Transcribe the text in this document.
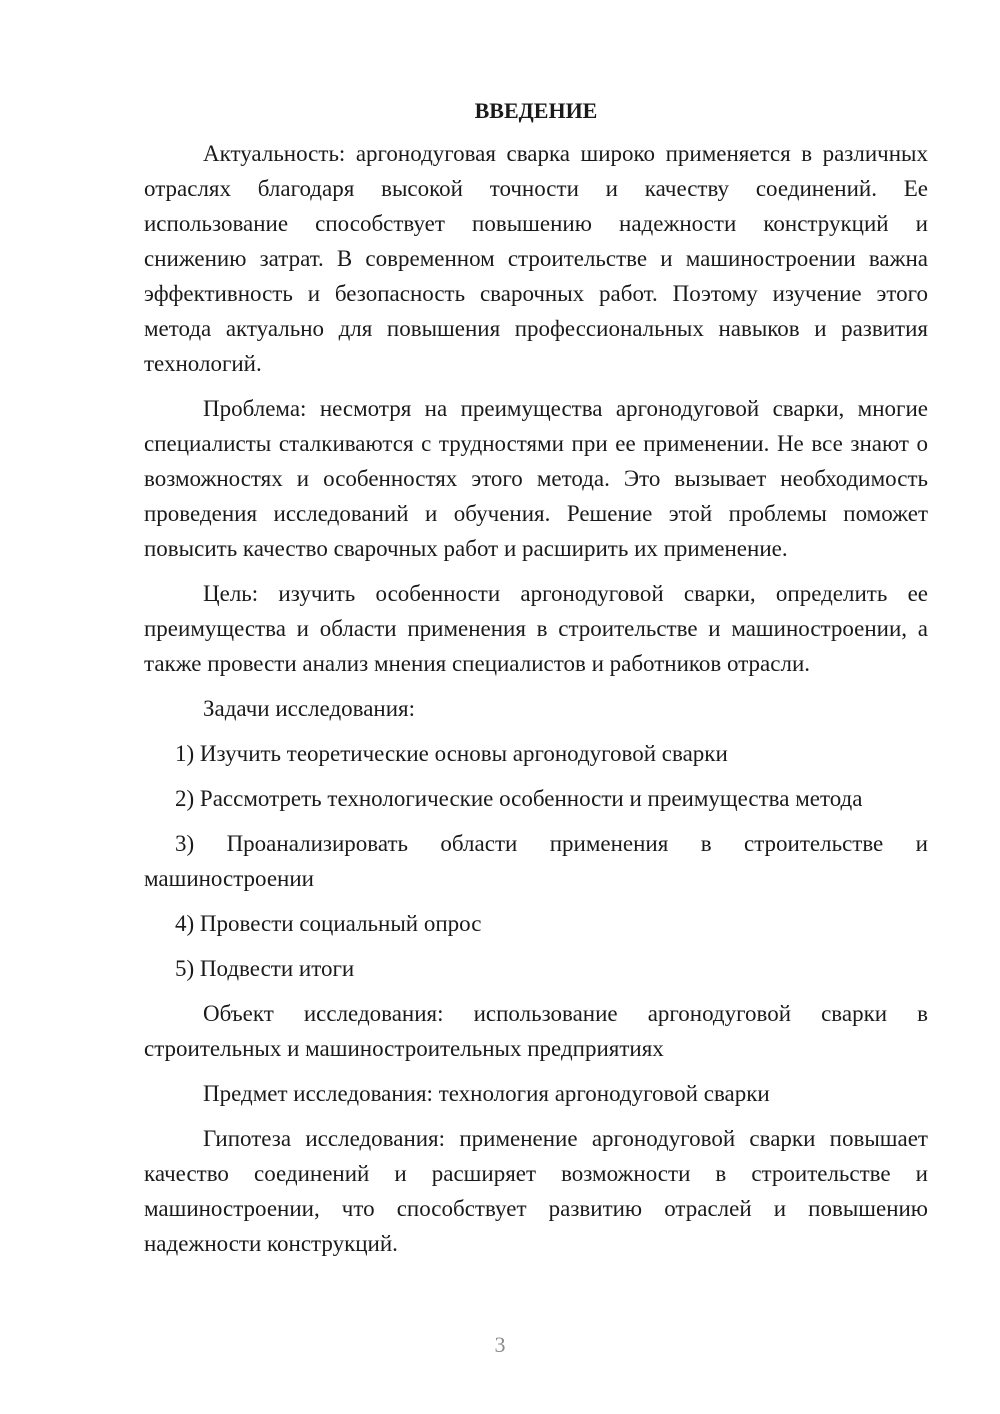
ВВЕДЕНИЕ

Актуальность: аргонодуговая сварка широко применяется в различных отраслях благодаря высокой точности и качеству соединений. Ее использование способствует повышению надежности конструкций и снижению затрат. В современном строительстве и машиностроении важна эффективность и безопасность сварочных работ. Поэтому изучение этого метода актуально для повышения профессиональных навыков и развития технологий.

Проблема: несмотря на преимущества аргонодуговой сварки, многие специалисты сталкиваются с трудностями при ее применении. Не все знают о возможностях и особенностях этого метода. Это вызывает необходимость проведения исследований и обучения. Решение этой проблемы поможет повысить качество сварочных работ и расширить их применение.

Цель: изучить особенности аргонодуговой сварки, определить ее преимущества и области применения в строительстве и машиностроении, а также провести анализ мнения специалистов и работников отрасли.

Задачи исследования:

1) Изучить теоретические основы аргонодуговой сварки

2) Рассмотреть технологические особенности и преимущества метода

3) Проанализировать области применения в строительстве и машиностроении

4) Провести социальный опрос

5) Подвести итоги

Объект исследования: использование аргонодуговой сварки в строительных и машиностроительных предприятиях

Предмет исследования: технология аргонодуговой сварки

Гипотеза исследования: применение аргонодуговой сварки повышает качество соединений и расширяет возможности в строительстве и машиностроении, что способствует развитию отраслей и повышению надежности конструкций.

3
